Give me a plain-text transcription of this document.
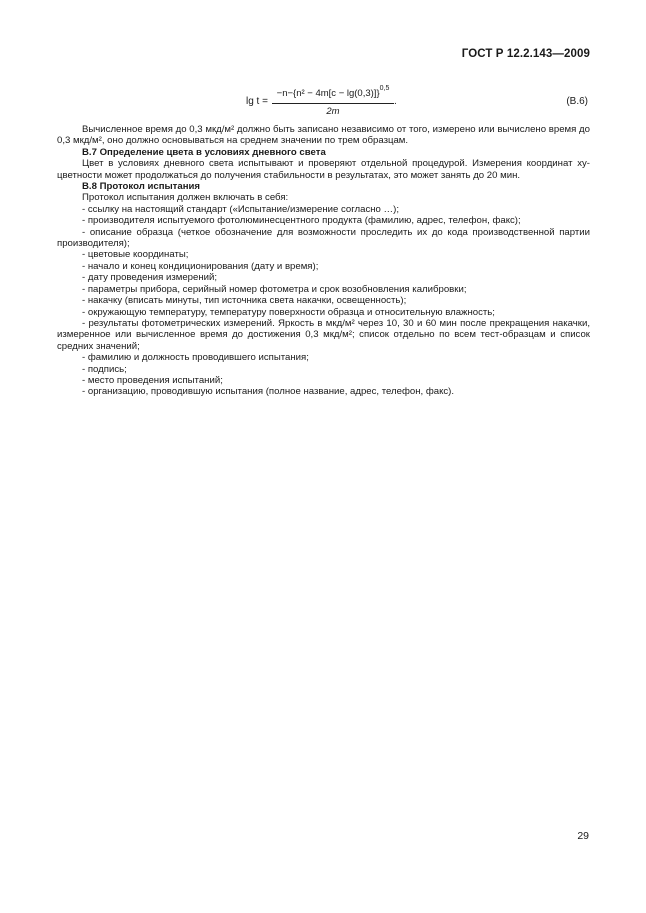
ГОСТ Р 12.2.143—2009
lg t =
$-n-\{n^2 - 4m[c - \lg(0,3)]\}^{0,5}$
2m
.	(В.6)

Вычисленное время до 0,3 мкд/м² должно быть записано независимо от того, измерено или вычислено время до 0,3 мкд/м², оно должно основываться на среднем значении по трем образцам.

В.7 Определение цвета в условиях дневного света

Цвет в условиях дневного света испытывают и проверяют отдельной процедурой. Измерения координат xy-цветности может продолжаться до получения стабильности в результатах, это может занять до 20 мин.

В.8 Протокол испытания

Протокол испытания должен включать в себя:

- ссылку на настоящий стандарт («Испытание/измерение согласно …);

- производителя испытуемого фотолюминесцентного продукта (фамилию, адрес, телефон, факс);

- описание образца (четкое обозначение для возможности проследить их до кода производственной партии производителя);

- цветовые координаты;

- начало и конец кондиционирования (дату и время);

- дату проведения измерений;

- параметры прибора, серийный номер фотометра и срок возобновления калибровки;

- накачку (вписать минуты, тип источника света накачки, освещенность);

- окружающую температуру, температуру поверхности образца и относительную влажность;

- результаты фотометрических измерений. Яркость в мкд/м² через 10, 30 и 60 мин после прекращения накачки, измеренное или вычисленное время до достижения 0,3 мкд/м²; список отдельно по всем тест-образцам и список средних значений;

- фамилию и должность проводившего испытания;

- подпись;

- место проведения испытаний;

- организацию, проводившую испытания (полное название, адрес, телефон, факс).

29
